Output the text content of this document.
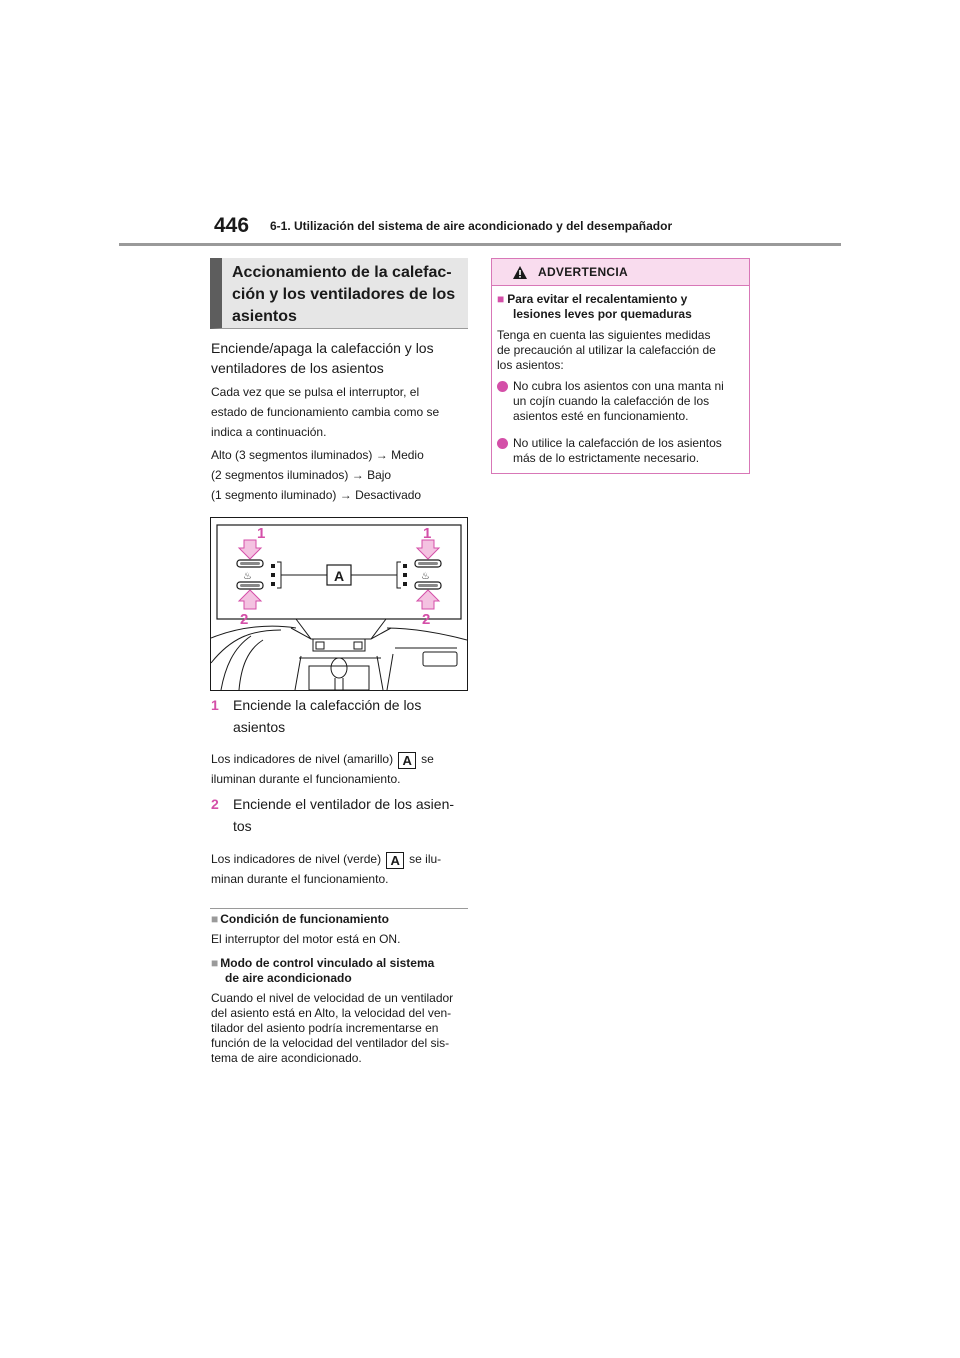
446 6-1. Utilización del sistema de aire acondicionado y del desempañador
Accionamiento de la calefac-
ción y los ventiladores de los
asientos
Enciende/apaga la calefacción y los
ventiladores de los asientos
Cada vez que se pulsa el interruptor, el
estado de funcionamiento cambia como se
indica a continuación.
Alto (3 segmentos iluminados) → Medio
(2 segmentos iluminados) → Bajo
(1 segmento iluminado) → Desactivado
♨	♨
A
1	1
2	2
1 Enciende la calefacción de los
asientos
Los indicadores de nivel (amarillo) A se
iluminan durante el funcionamiento.
2 Enciende el ventilador de los asien-
tos
Los indicadores de nivel (verde) A se ilu-
minan durante el funcionamiento.
■ Condición de funcionamiento
El interruptor del motor está en ON.
■ Modo de control vinculado al sistema
de aire acondicionado
Cuando el nivel de velocidad de un ventilador
del asiento está en Alto, la velocidad del ven-
tilador del asiento podría incrementarse en
función de la velocidad del ventilador del sis-
tema de aire acondicionado.
ADVERTENCIA
■ Para evitar el recalentamiento y
lesiones leves por quemaduras
Tenga en cuenta las siguientes medidas
de precaución al utilizar la calefacción de
los asientos:
No cubra los asientos con una manta ni
un cojín cuando la calefacción de los
asientos esté en funcionamiento.
No utilice la calefacción de los asientos
más de lo estrictamente necesario.
